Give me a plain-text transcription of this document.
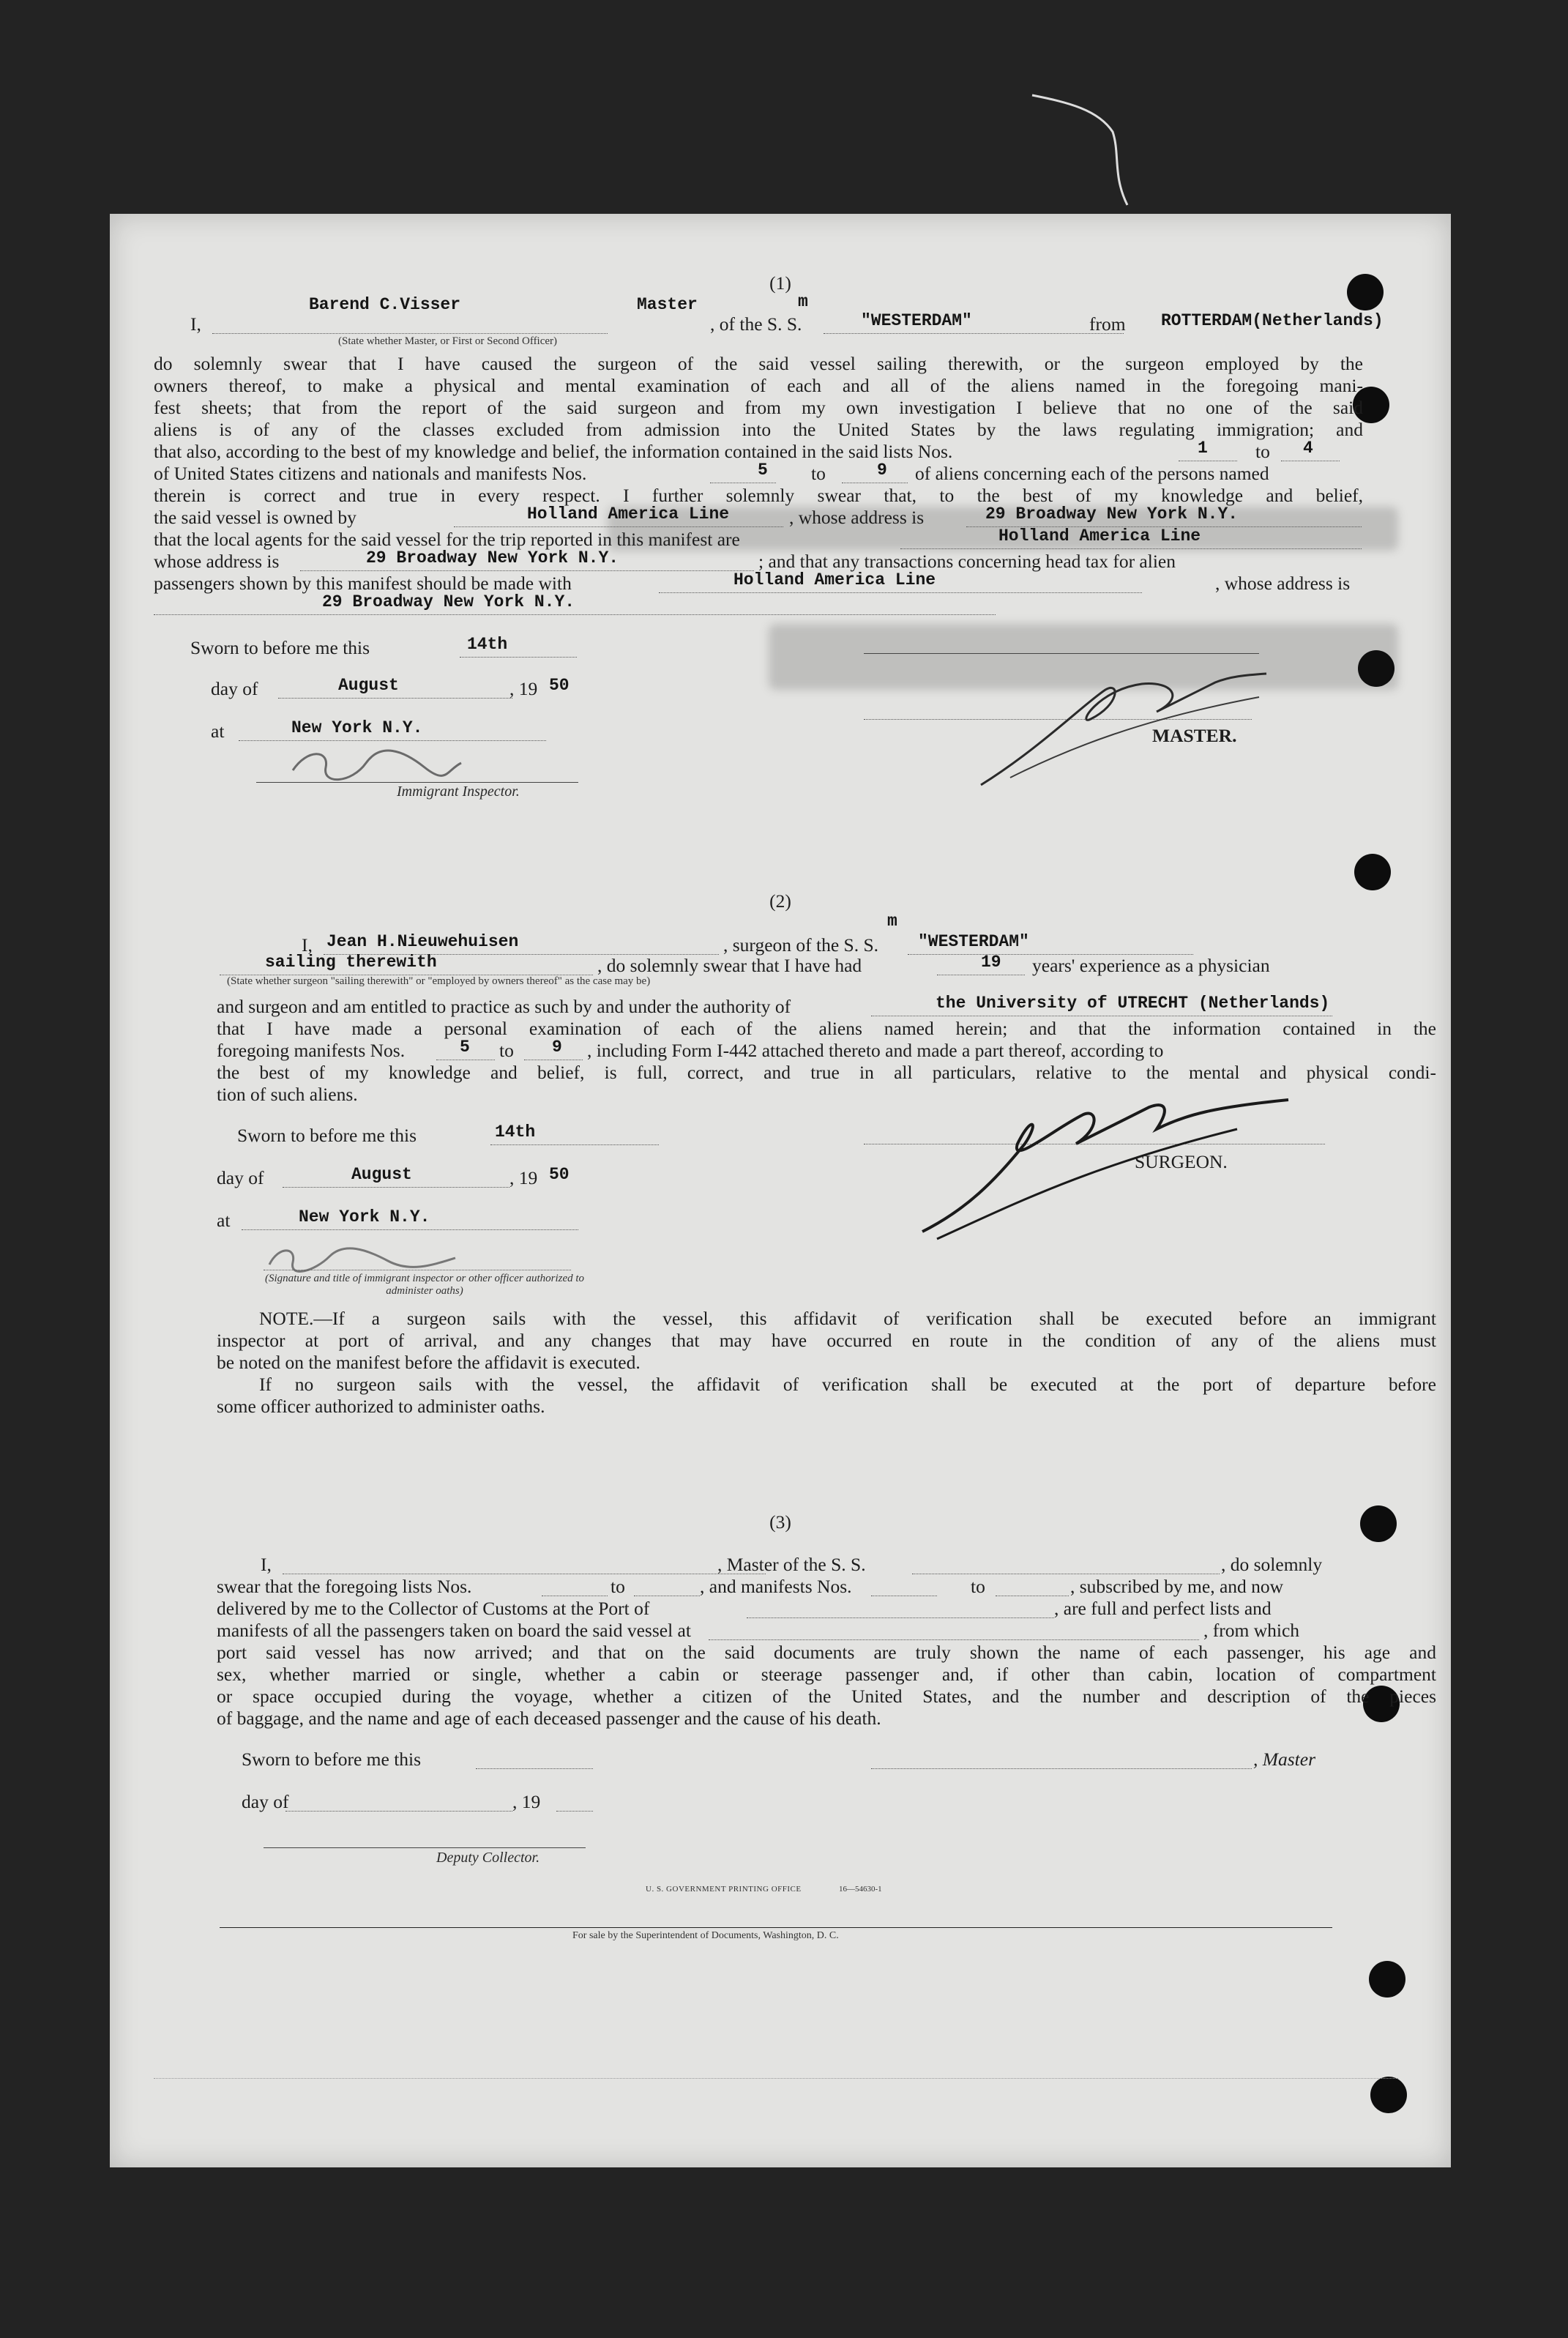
(1)
I,
Barend C.Visser	Master
(State whether Master, or First or Second Officer)
, of the S. S.
m
"WESTERDAM"	from ROTTERDAM(Netherlands)
do solemnly swear that I have caused the surgeon of the said vessel sailing therewith, or the surgeon employed by the
owners thereof, to make a physical and mental examination of each and all of the aliens named in the foregoing mani-
fest sheets; that from the report of the said surgeon and from my own investigation I believe that no one of the said
aliens is of any of the classes excluded from admission into the United States by the laws regulating immigration; and
that also, according to the best of my knowledge and belief, the information contained in the said lists Nos.	1	to 4
of United States citizens and nationals and manifests Nos.	5 to	9 of aliens concerning each of the persons named
therein is correct and true in every respect. I further solemnly swear that, to the best of my knowledge and belief,
the said vessel is owned by	Holland America Line	, whose address is	29 Broadway New York N.Y.
that the local agents for the said vessel for the trip reported in this manifest are	Holland America Line
whose address is	29 Broadway New York N.Y.	; and that any transactions concerning head tax for alien
passengers shown by this manifest should be made with	Holland America Line	, whose address is
29 Broadway New York N.Y.
Sworn to before me this	14th
day of	August	, 19 50
at	New York N.Y.
Immigrant Inspector.
MASTER.
(2)
m
I, Jean H.Nieuwehuisen	, surgeon of the S. S. "WESTERDAM"
sailing therewith	, do solemnly swear that I have had	19 years' experience as a physician
(State whether surgeon "sailing therewith" or "employed by owners thereof" as the case may be)
and surgeon and am entitled to practice as such by and under the authority of	the University of UTRECHT (Netherlands)
that I have made a personal examination of each of the aliens named herein; and that the information contained in the
foregoing manifests Nos.	5 to 9 , including Form I-442 attached thereto and made a part thereof, according to
the best of my knowledge and belief, is full, correct, and true in all particulars, relative to the mental and physical condi-
tion of such aliens.
Sworn to before me this	14th
day of	August	, 19 50
at	New York N.Y.
(Signature and title of immigrant inspector or other officer authorized to administer oaths)
SURGEON.
NOTE.—If a surgeon sails with the vessel, this affidavit of verification shall be executed before an immigrant
inspector at port of arrival, and any changes that may have occurred en route in the condition of any of the aliens must
be noted on the manifest before the affidavit is executed.
If no surgeon sails with the vessel, the affidavit of verification shall be executed at the port of departure before
some officer authorized to administer oaths.
(3)
I,	, Master of the S. S.	, do solemnly
swear that the foregoing lists Nos.	to	, and manifests Nos.	to	, subscribed by me, and now
delivered by me to the Collector of Customs at the Port of	, are full and perfect lists and
manifests of all the passengers taken on board the said vessel at	, from which
port said vessel has now arrived; and that on the said documents are truly shown the name of each passenger, his age and
sex, whether married or single, whether a cabin or steerage passenger and, if other than cabin, location of compartment
or space occupied during the voyage, whether a citizen of the United States, and the number and description of the pieces
of baggage, and the name and age of each deceased passenger and the cause of his death.
Sworn to before me this	, Master
day of	, 19
Deputy Collector.
U. S. GOVERNMENT PRINTING OFFICE	16—54630-1
For sale by the Superintendent of Documents, Washington, D. C.
